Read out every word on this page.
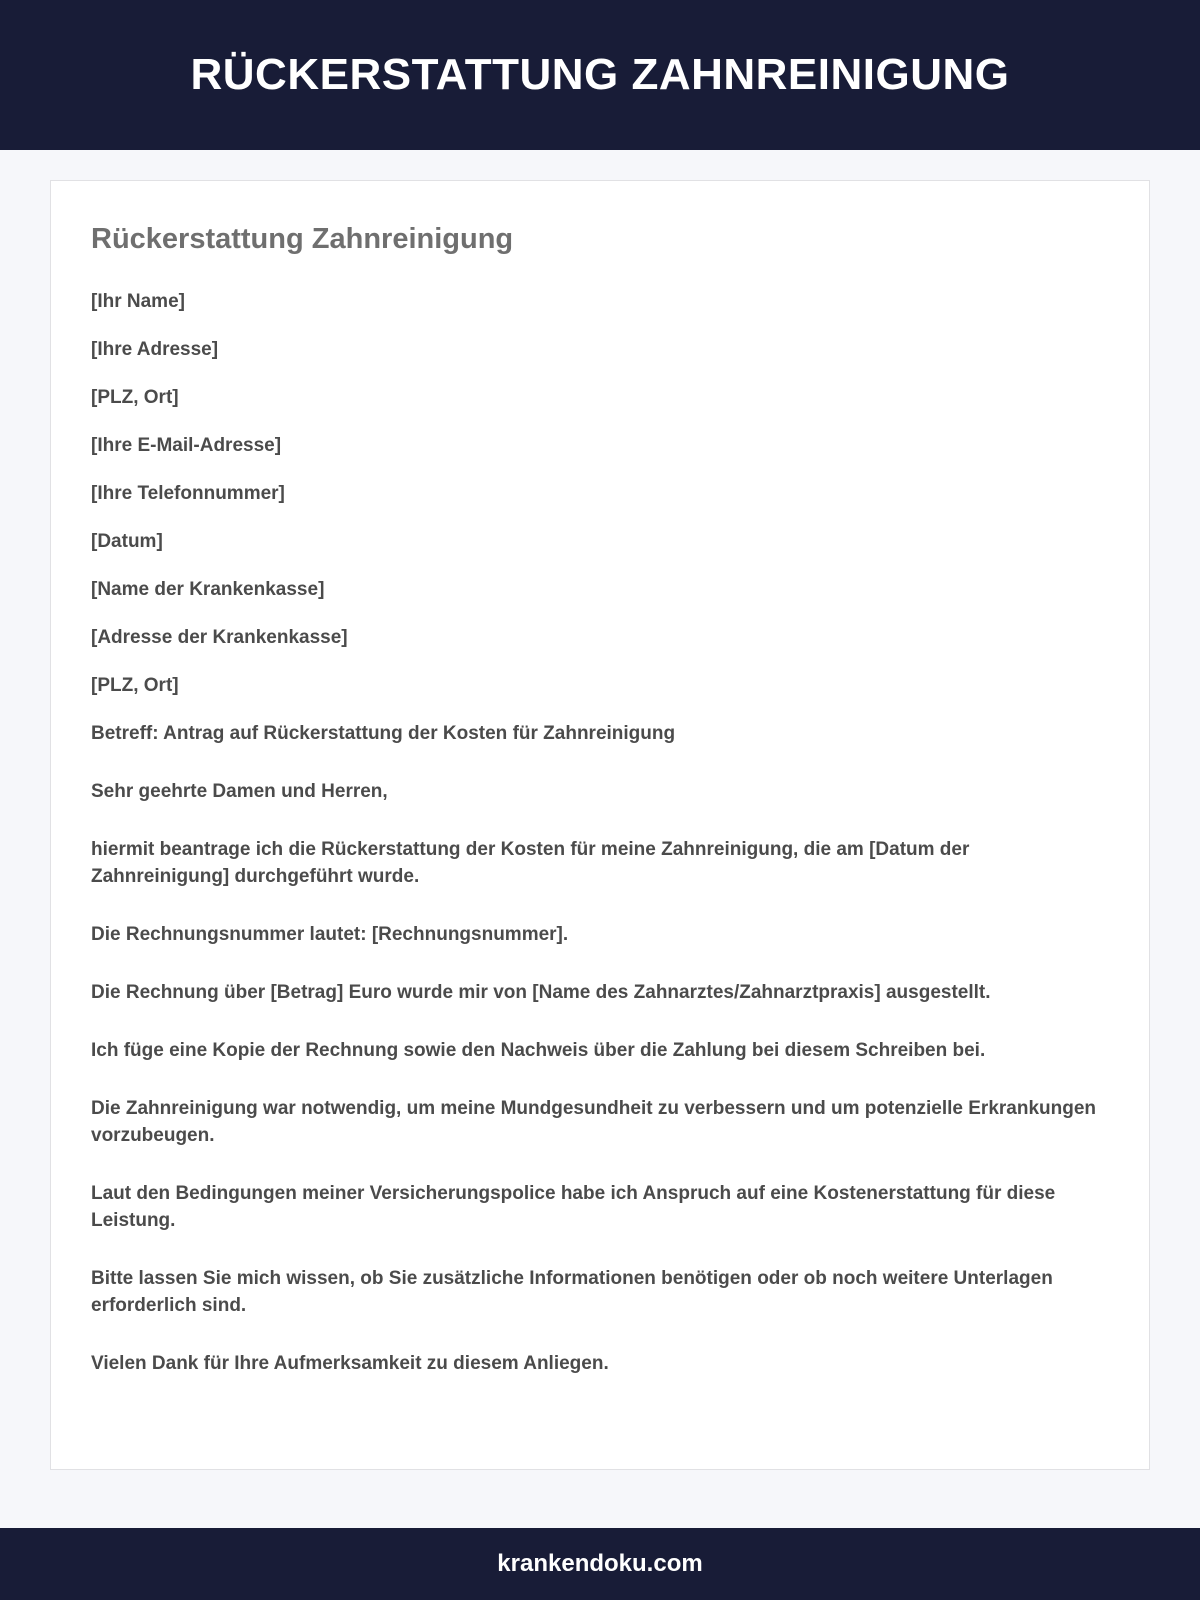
RÜCKERSTATTUNG ZAHNREINIGUNG
Rückerstattung Zahnreinigung

[Ihr Name]

[Ihre Adresse]

[PLZ, Ort]

[Ihre E-Mail-Adresse]

[Ihre Telefonnummer]

[Datum]

[Name der Krankenkasse]

[Adresse der Krankenkasse]

[PLZ, Ort]

Betreff: Antrag auf Rückerstattung der Kosten für Zahnreinigung

Sehr geehrte Damen und Herren,

hiermit beantrage ich die Rückerstattung der Kosten für meine Zahnreinigung, die am [Datum der Zahnreinigung] durchgeführt wurde.

Die Rechnungsnummer lautet: [Rechnungsnummer].

Die Rechnung über [Betrag] Euro wurde mir von [Name des Zahnarztes/Zahnarztpraxis] ausgestellt.

Ich füge eine Kopie der Rechnung sowie den Nachweis über die Zahlung bei diesem Schreiben bei.

Die Zahnreinigung war notwendig, um meine Mundgesundheit zu verbessern und um potenzielle Erkrankungen vorzubeugen.

Laut den Bedingungen meiner Versicherungspolice habe ich Anspruch auf eine Kostenerstattung für diese Leistung.

Bitte lassen Sie mich wissen, ob Sie zusätzliche Informationen benötigen oder ob noch weitere Unterlagen erforderlich sind.

Vielen Dank für Ihre Aufmerksamkeit zu diesem Anliegen.

krankendoku.com
